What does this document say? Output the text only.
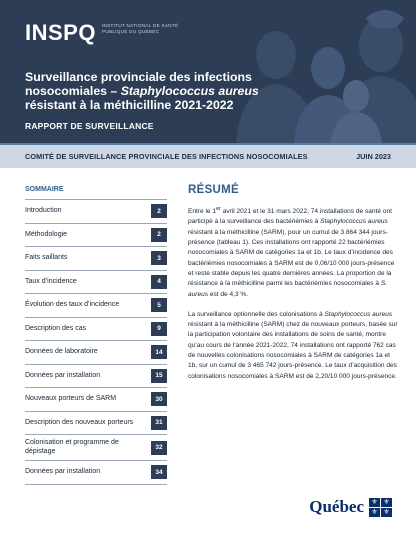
INSPQ INSTITUT NATIONAL DE SANTÉ PUBLIQUE DU QUÉBEC
Surveillance provinciale des infections nosocomiales – Staphylococcus aureus résistant à la méthicilline 2021-2022
RAPPORT DE SURVEILLANCE
COMITÉ DE SURVEILLANCE PROVINCIALE DES INFECTIONS NOSOCOMIALES	JUIN 2023
SOMMAIRE
Introduction	2
Méthodologie	2
Faits saillants	3
Taux d’incidence	4
Évolution des taux d’incidence	5
Description des cas	9
Données de laboratoire	14
Données par installation	15
Nouveaux porteurs de SARM	30
Description des nouveaux porteurs	31
Colonisation et programme de dépistage	32
Données par installation	34
RÉSUMÉ

Entre le 1er avril 2021 et le 31 mars 2022, 74 installations de santé ont participé à la surveillance des bactériémies à Staphylococcus aureus résistant à la méthicilline (SARM), pour un cumul de 3 864 344 jours-présence (tableau 1). Ces installations ont rapporté 22 bactériémies nosocomiales à SARM de catégories 1a et 1b. Le taux d’incidence des bactériémies nosocomiales à SARM est de 0,06/10 000 jours-présence et reste stable depuis les quatre dernières années. La proportion de la résistance à la méthicilline parmi les bactériémies nosocomiales à S. aureus est de 4,3 %.

La surveillance optionnelle des colonisations à Staphylococcus aureus résistant à la méthicilline (SARM) chez de nouveaux porteurs, basée sur la participation volontaire des installations de soins de santé, montre qu’au cours de l’année 2021-2022, 74 installations ont rapporté 762 cas de nouvelles colonisations nosocomiales à SARM de catégories 1a et 1b, sur un cumul de 3 465 742 jours-présence. Le taux d’acquisition des colonisations nosocomiales à SARM est de 2,20/10 000 jours-présence.

Québec	⚜ ⚜
⚜ ⚜
